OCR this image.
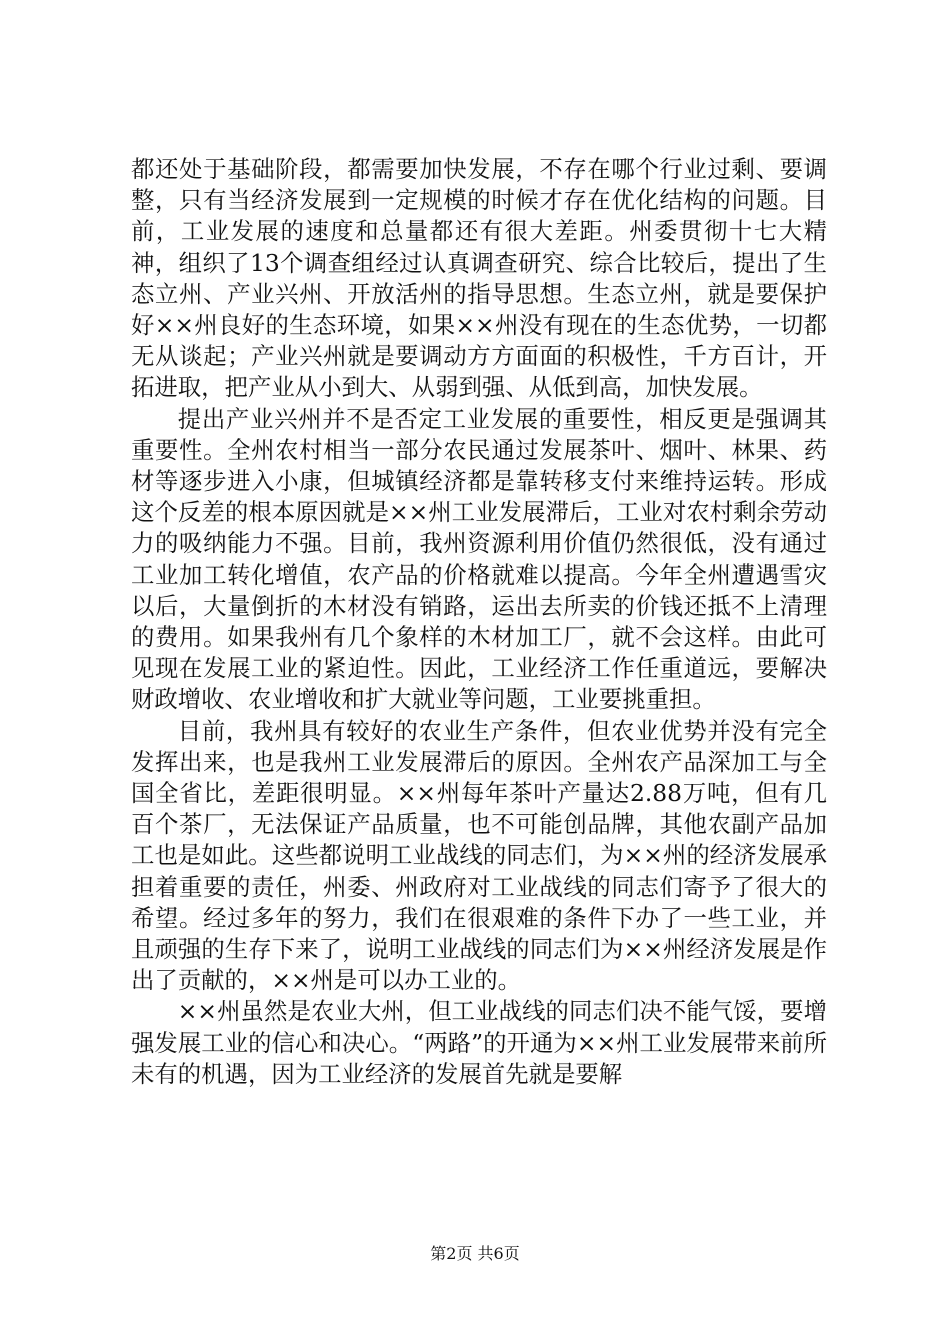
都还处于基础阶段，都需要加快发展，不存在哪个行业过剩、要调整，只有当经济发展到一定规模的时候才存在优化结构的问题。目前，工业发展的速度和总量都还有很大差距。州委贯彻十七大精神，组织了13个调查组经过认真调查研究、综合比较后，提出了生态立州、产业兴州、开放活州的指导思想。生态立州，就是要保护好××州良好的生态环境，如果××州没有现在的生态优势，一切都无从谈起；产业兴州就是要调动方方面面的积极性，千方百计，开拓进取，把产业从小到大、从弱到强、从低到高，加快发展。

提出产业兴州并不是否定工业发展的重要性，相反更是强调其重要性。全州农村相当一部分农民通过发展茶叶、烟叶、林果、药材等逐步进入小康，但城镇经济都是靠转移支付来维持运转。形成这个反差的根本原因就是××州工业发展滞后，工业对农村剩余劳动力的吸纳能力不强。目前，我州资源利用价值仍然很低，没有通过工业加工转化增值，农产品的价格就难以提高。今年全州遭遇雪灾以后，大量倒折的木材没有销路，运出去所卖的价钱还抵不上清理的费用。如果我州有几个象样的木材加工厂，就不会这样。由此可见现在发展工业的紧迫性。因此，工业经济工作任重道远，要解决财政增收、农业增收和扩大就业等问题，工业要挑重担。

目前，我州具有较好的农业生产条件，但农业优势并没有完全发挥出来，也是我州工业发展滞后的原因。全州农产品深加工与全国全省比，差距很明显。××州每年茶叶产量达2.88万吨，但有几百个茶厂，无法保证产品质量，也不可能创品牌，其他农副产品加工也是如此。这些都说明工业战线的同志们，为××州的经济发展承担着重要的责任，州委、州政府对工业战线的同志们寄予了很大的希望。经过多年的努力，我们在很艰难的条件下办了一些工业，并且顽强的生存下来了，说明工业战线的同志们为××州经济发展是作出了贡献的，××州是可以办工业的。

××州虽然是农业大州，但工业战线的同志们决不能气馁，要增强发展工业的信心和决心。“两路”的开通为××州工业发展带来前所未有的机遇，因为工业经济的发展首先就是要解

第2页 共6页
